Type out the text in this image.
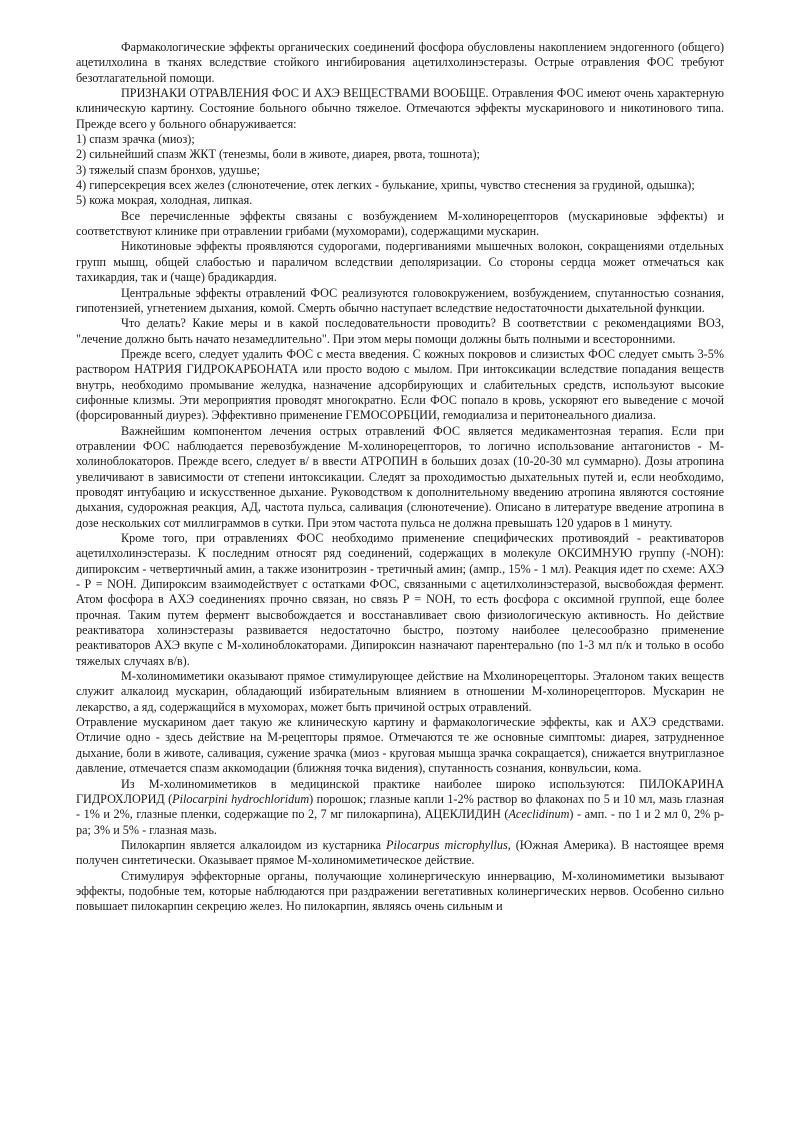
Фармакологические эффекты органических соединений фосфора обусловлены накоплением эндогенного (общего) ацетилхолина в тканях вследствие стойкого ингибирования ацетилхолинэстеразы. Острые отравления ФОС требуют безотлагательной помощи.

ПРИЗНАКИ ОТРАВЛЕНИЯ ФОС И АХЭ ВЕЩЕСТВАМИ ВООБЩЕ. Отравления ФОС имеют очень характерную клиническую картину. Состояние больного обычно тяжелое. Отмечаются эффекты мускаринового и никотинового типа. Прежде всего у больного обнаруживается:

1) спазм зрачка (миоз);

2) сильнейший спазм ЖКТ (тенезмы, боли в животе, диарея, рвота, тошнота);

3) тяжелый спазм бронхов, удушье;

4) гиперсекреция всех желез (слюнотечение, отек легких - булькание, хрипы, чувство стеснения за грудиной, одышка);

5) кожа мокрая, холодная, липкая.

Все перечисленные эффекты связаны с возбуждением М-холинорецепторов (мускариновые эффекты) и соответствуют клинике при отравлении грибами (мухоморами), содержащими мускарин.

Никотиновые эффекты проявляются судорогами, подергиваниями мышечных волокон, сокращениями отдельных групп мышц, общей слабостью и параличом вследствии деполяризации. Со стороны сердца может отмечаться как тахикардия, так и (чаще) брадикардия.

Центральные эффекты отравлений ФОС реализуются головокружением, возбуждением, спутанностью сознания, гипотензией, угнетением дыхания, комой. Смерть обычно наступает вследствие недостаточности дыхательной функции.

Что делать? Какие меры и в какой последовательности проводить? В соответствии с рекомендациями ВОЗ, "лечение должно быть начато незамедлительно". При этом меры помощи должны быть полными и всесторонними.

Прежде всего, следует удалить ФОС с места введения. С кожных покровов и слизистых ФОС следует смыть 3-5% раствором НАТРИЯ ГИДРОКАРБОНАТА или просто водою с мылом. При интоксикации вследствие попадания веществ внутрь, необходимо промывание желудка, назначение адсорбирующих и слабительных средств, используют высокие сифонные клизмы. Эти мероприятия проводят многократно. Если ФОС попало в кровь, ускоряют его выведение с мочой (форсированный диурез). Эффективно применение ГЕМОСОРБЦИИ, гемодиализа и перитонеального диализа.

Важнейшим компонентом лечения острых отравлений ФОС является медикаментозная терапия. Если при отравлении ФОС наблюдается перевозбуждение М-холинорецепторов, то логично использование антагонистов - М-холиноблокаторов. Прежде всего, следует в/ в ввести АТРОПИН в больших дозах (10-20-30 мл суммарно). Дозы атропина увеличивают в зависимости от степени интоксикации. Следят за проходимостью дыхательных путей и, если необходимо, проводят интубацию и искусственное дыхание. Руководством к дополнительному введению атропина являются состояние дыхания, судорожная реакция, АД, частота пульса, саливация (слюнотечение). Описано в литературе введение атропина в дозе нескольких сот миллиграммов в сутки. При этом частота пульса не должна превышать 120 ударов в 1 минуту.

Кроме того, при отравлениях ФОС необходимо применение специфических противоядий - реактиваторов ацетилхолинэстеразы. К последним относят ряд соединений, содержащих в молекуле ОКСИМНУЮ группу (-NOH): дипироксим - четвертичный амин, а также изонитрозин - третичный амин; (ампр., 15% - 1 мл). Реакция идет по схеме: АХЭ - Р = NOH. Дипироксим взаимодействует с остатками ФОС, связанными с ацетилхолинэстеразой, высвобождая фермент. Атом фосфора в АХЭ соединениях прочно связан, но связь Р = NOH, то есть фосфора с оксимной группой, еще более прочная. Таким путем фермент высвобождается и восстанавливает свою физиологическую активность. Но действие реактиватора холинэстеразы развивается недостаточно быстро, поэтому наиболее целесообразно применение реактиваторов АХЭ вкупе с М-холиноблокаторами. Дипироксин назначают парентерально (по 1-3 мл п/к и только в особо тяжелых случаях в/в).

М-холиномиметики оказывают прямое стимулирующее действие на Мхолинорецепторы. Эталоном таких веществ служит алкалоид мускарин, обладающий избирательным влиянием в отношении М-холинорецепторов. Мускарин не лекарство, а яд, содержащийся в мухоморах, может быть причиной острых отравлений.

Отравление мускарином дает такую же клиническую картину и фармакологические эффекты, как и АХЭ средствами. Отличие одно - здесь действие на М-рецепторы прямое. Отмечаются те же основные симптомы: диарея, затрудненное дыхание, боли в животе, саливация, сужение зрачка (миоз - круговая мышца зрачка сокращается), снижается внутриглазное давление, отмечается спазм аккомодации (ближняя точка видения), спутанность сознания, конвульсии, кома.

Из М-холиномиметиков в медицинской практике наиболее широко используются: ПИЛОКАРИНА ГИДРОХЛОРИД (Pilocarpini hydrochloridum) порошок; глазные капли 1-2% раствор во флаконах по 5 и 10 мл, мазь глазная - 1% и 2%, глазные пленки, содержащие по 2, 7 мг пилокарпина), АЦЕКЛИДИН (Aceclidinum) - амп. - по 1 и 2 мл 0, 2% р-ра; 3% и 5% - глазная мазь.

Пилокарпин является алкалоидом из кустарника Pilocarpus microphyllus, (Южная Америка). В настоящее время получен синтетически. Оказывает прямое М-холиномиметическое действие.

Стимулируя эффекторные органы, получающие холинергическую иннервацию, М-холиномиметики вызывают эффекты, подобные тем, которые наблюдаются при раздражении вегетативных колинергических нервов. Особенно сильно повышает пилокарпин секрецию желез. Но пилокарпин, являясь очень сильным и
